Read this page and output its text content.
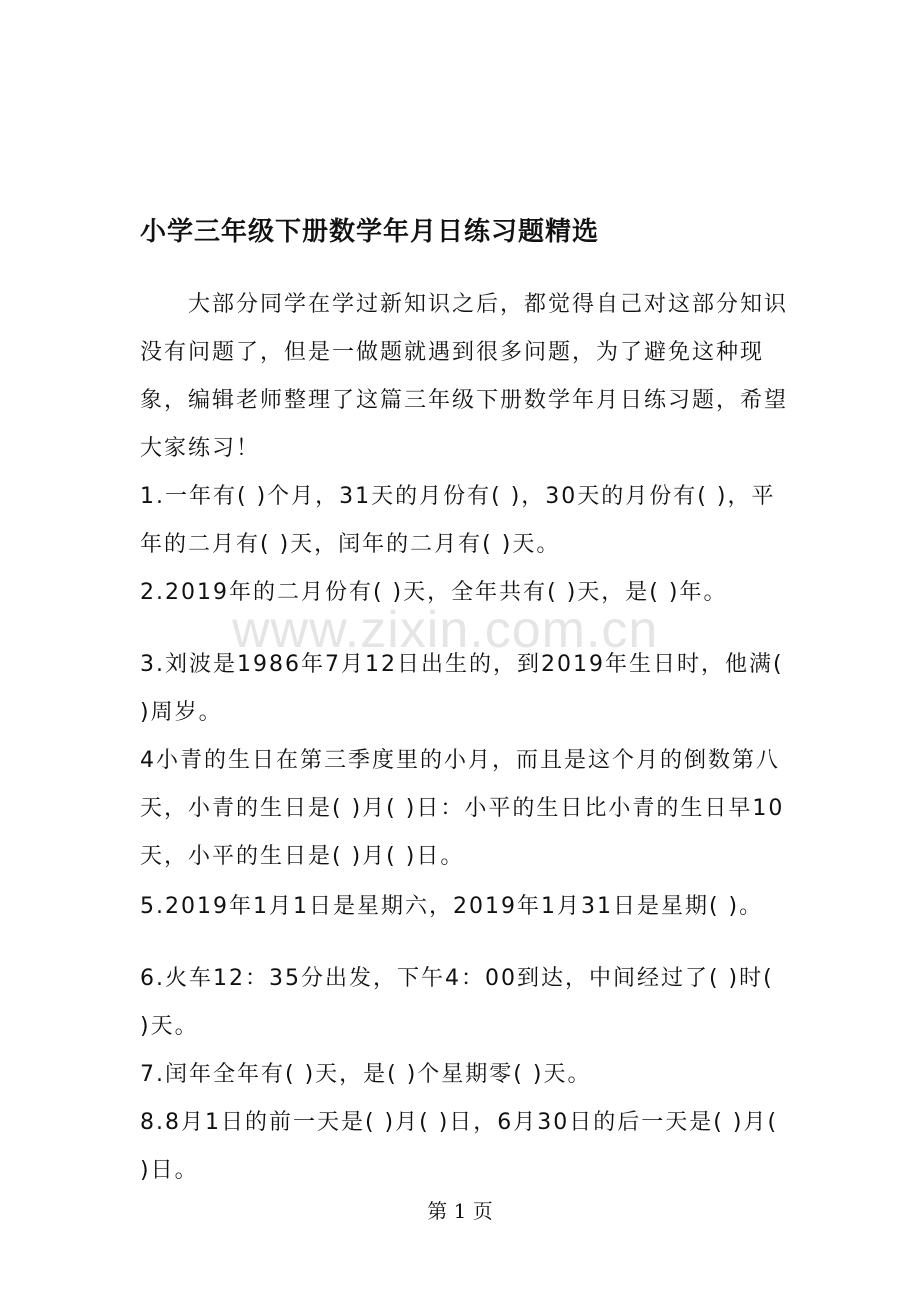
小学三年级下册数学年月日练习题精选

大部分同学在学过新知识之后，都觉得自己对这部分知识没有问题了，但是一做题就遇到很多问题，为了避免这种现象，编辑老师整理了这篇三年级下册数学年月日练习题，希望大家练习！

1.一年有( )个月，31天的月份有( )，30天的月份有( )，平年的二月有( )天，闰年的二月有( )天。

2.2019年的二月份有( )天，全年共有( )天，是( )年。

3.刘波是1986年7月12日出生的，到2019年生日时，他满( )周岁。

4小青的生日在第三季度里的小月，而且是这个月的倒数第八天，小青的生日是( )月( )日：小平的生日比小青的生日早10天，小平的生日是( )月( )日。

5.2019年1月1日是星期六，2019年1月31日是星期( )。

6.火车12：35分出发，下午4：00到达，中间经过了( )时( )天。

7.闰年全年有( )天，是( )个星期零( )天。

8.8月1日的前一天是( )月( )日，6月30日的后一天是( )月( )日。

www.zixin.com.cn
第 1 页
